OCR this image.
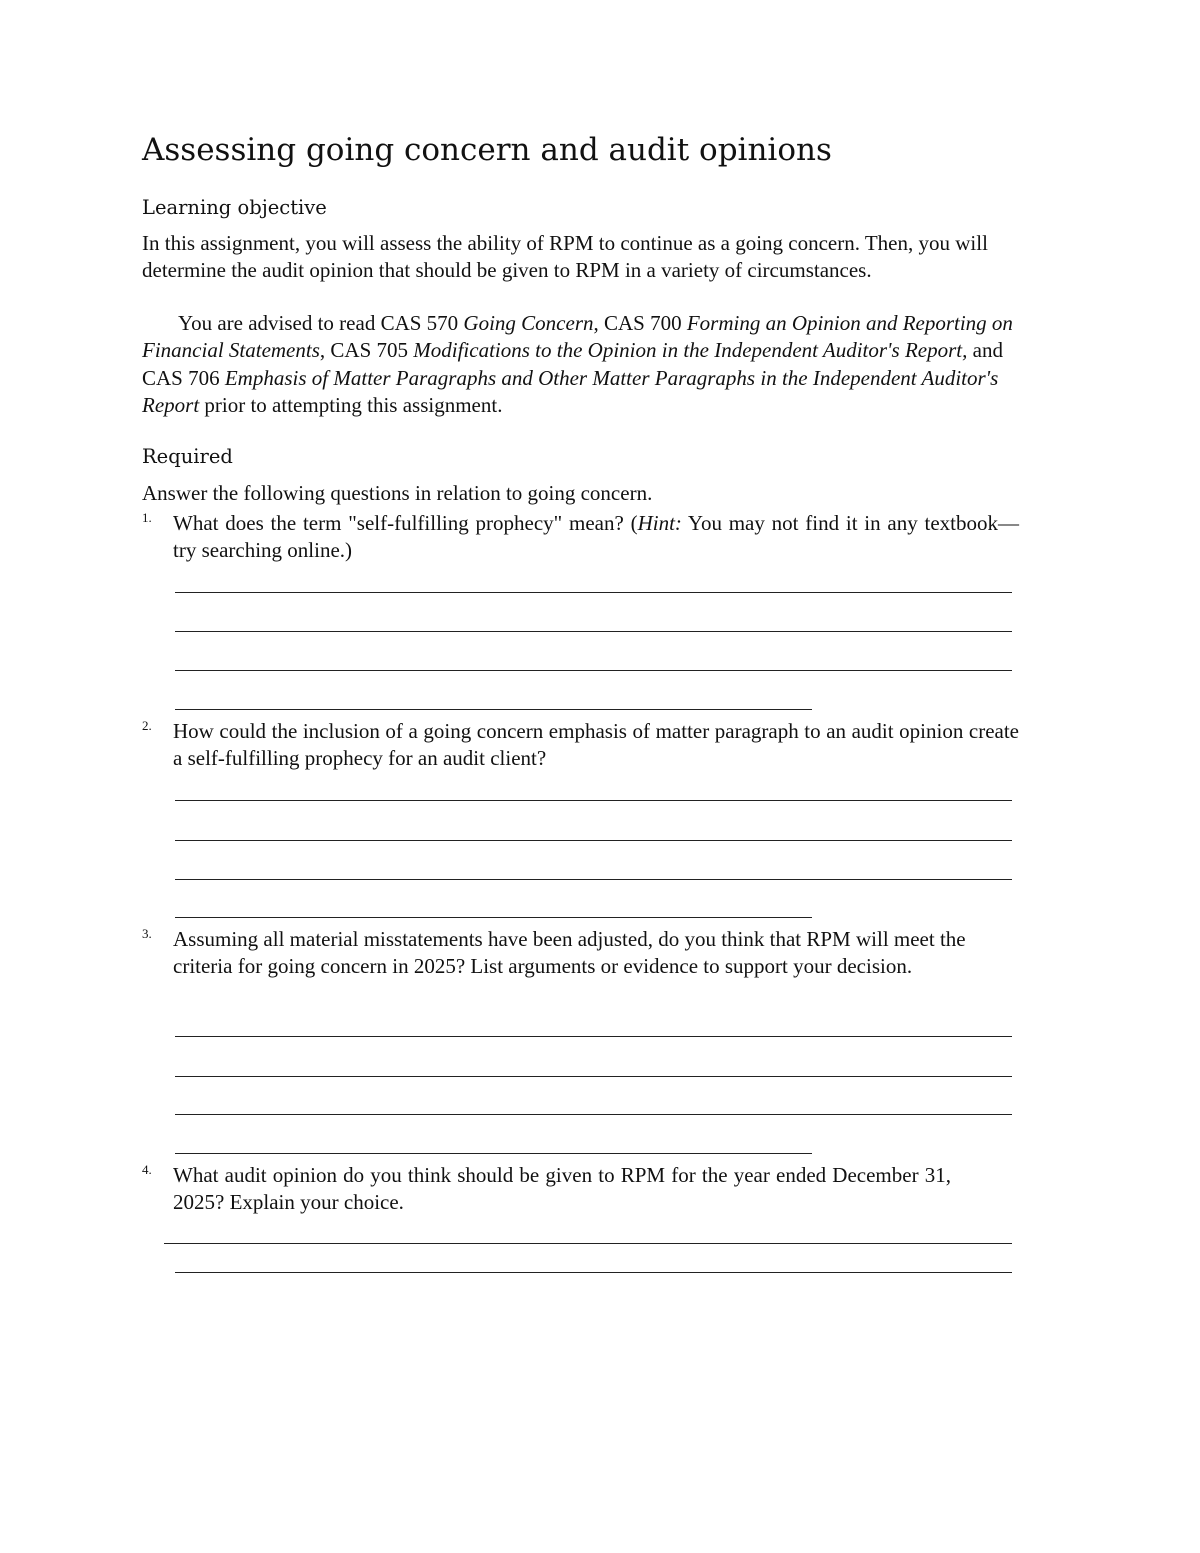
Assessing going concern and audit opinions
Learning objective

In this assignment, you will assess the ability of RPM to continue as a going concern. Then, you will determine the audit opinion that should be given to RPM in a variety of circumstances.

You are advised to read CAS 570 Going Concern, CAS 700 Forming an Opinion and Reporting on Financial Statements, CAS 705 Modifications to the Opinion in the Independent Auditor's Report, and CAS 706 Emphasis of Matter Paragraphs and Other Matter Paragraphs in the Independent Auditor's Report prior to attempting this assignment.

Required

Answer the following questions in relation to going concern.

1. What does the term "self-fulfilling prophecy" mean? (Hint: You may not find it in any textbook—try searching online.)

2. How could the inclusion of a going concern emphasis of matter paragraph to an audit opinion create a self-fulfilling prophecy for an audit client?

3. Assuming all material misstatements have been adjusted, do you think that RPM will meet the criteria for going concern in 2025? List arguments or evidence to support your decision.

4. What audit opinion do you think should be given to RPM for the year ended December 31, 2025? Explain your choice.
